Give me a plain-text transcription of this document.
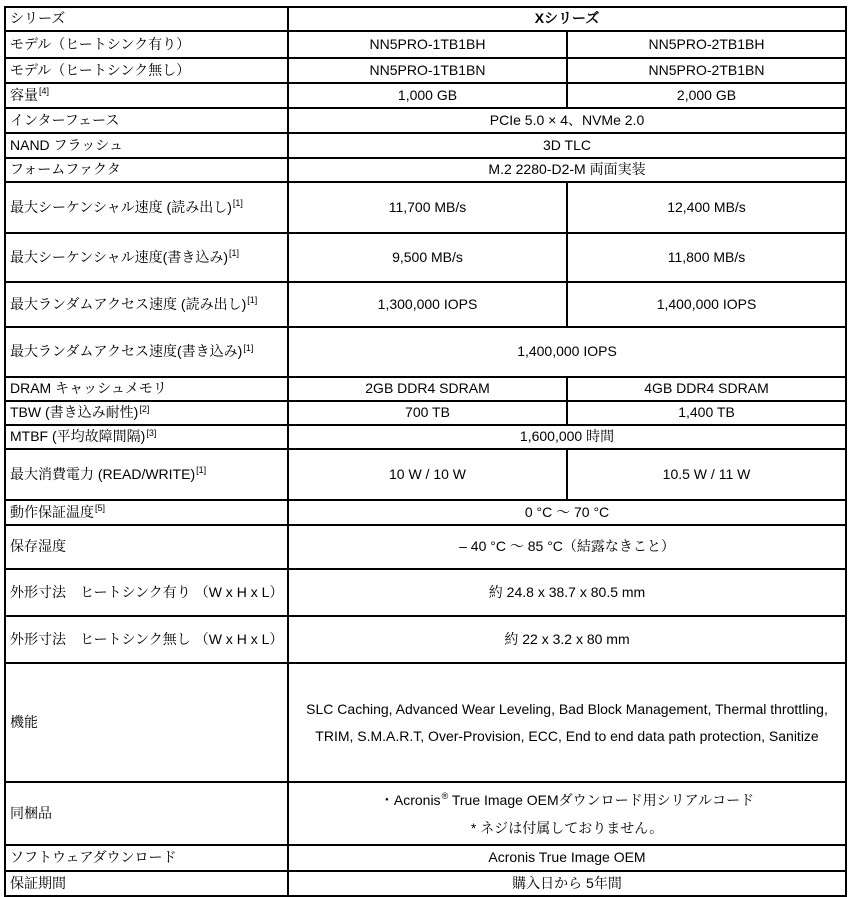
シリーズ	Xシリーズ	
モデル（ヒートシンク有り）	NN5PRO-1TB1BH	NN5PRO-2TB1BH
モデル（ヒートシンク無し）	NN5PRO-1TB1BN	NN5PRO-2TB1BN
容量[4]	1,000 GB	2,000 GB
インターフェース	PCIe 5.0 × 4、NVMe 2.0	
NAND フラッシュ	3D TLC	
フォームファクタ	M.2 2280-D2-M 両面実装	
最大シーケンシャル速度 (読み出し)[1]	11,700 MB/s	12,400 MB/s
最大シーケンシャル速度(書き込み)[1]	9,500 MB/s	11,800 MB/s
最大ランダムアクセス速度 (読み出し)[1]	1,300,000 IOPS	1,400,000 IOPS
最大ランダムアクセス速度(書き込み)[1]	1,400,000 IOPS	
DRAM キャッシュメモリ	2GB DDR4 SDRAM	4GB DDR4 SDRAM
TBW (書き込み耐性)[2]	700 TB	1,400 TB
MTBF (平均故障間隔)[3]	1,600,000 時間	
最大消費電力 (READ/WRITE)[1]	10 W / 10 W	10.5 W / 11 W
動作保証温度[5]	0 °C ～ 70 °C	
保存湿度	– 40 °C ～ 85 °C（結露なきこと）	
外形寸法　ヒートシンク有り （W x H x L）	約 24.8 x 38.7 x 80.5 mm	
外形寸法　ヒートシンク無し （W x H x L）	約 22 x 3.2 x 80 mm	
機能	SLC Caching, Advanced Wear Leveling, Bad Block Management, Thermal throttling, TRIM, S.M.A.R.T, Over-Provision, ECC, End to end data path protection, Sanitize	
同梱品	・Acronis® True Image OEMダウンロード用シリアルコード
* ネジは付属しておりません。	

ソフトウェアダウンロード	Acronis True Image OEM	
保証期間	購入日から 5年間	
